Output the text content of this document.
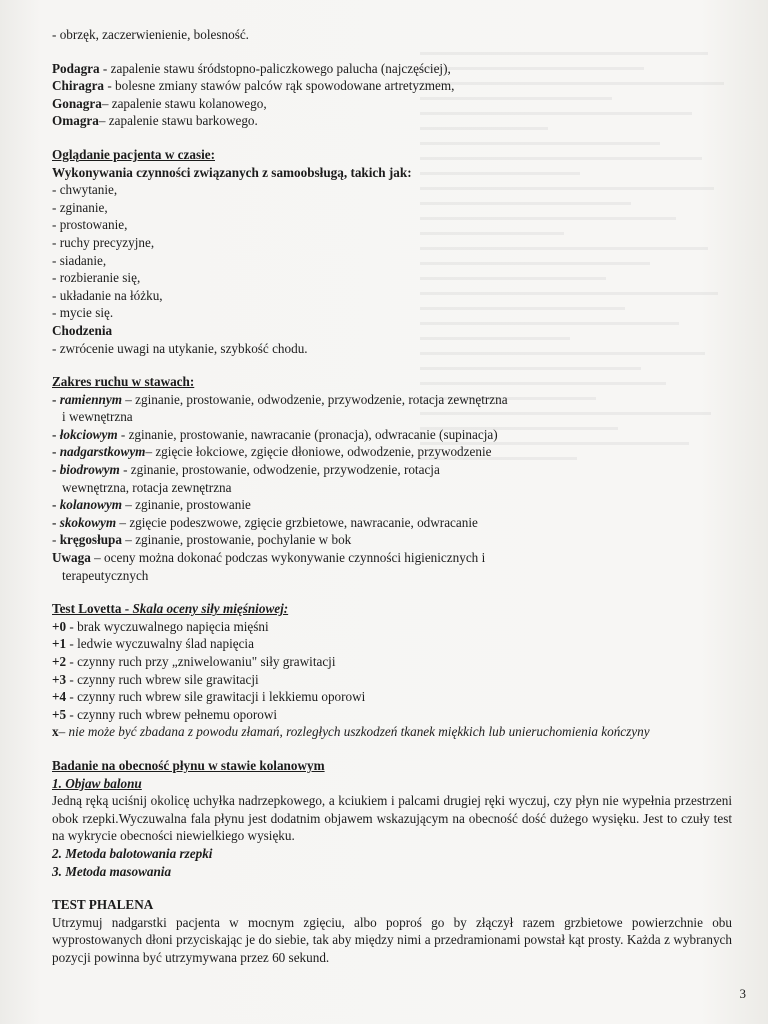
- obrzęk, zaczerwienienie, bolesność.

Podagra - zapalenie stawu śródstopno-paliczkowego palucha (najczęściej),

Chiragra - bolesne zmiany stawów palców rąk spowodowane artretyzmem,

Gonagra– zapalenie stawu kolanowego,

Omagra– zapalenie stawu barkowego.

Oglądanie pacjenta w czasie:

Wykonywania czynności związanych z samoobsługą, takich jak:

- chwytanie,

- zginanie,

- prostowanie,

- ruchy precyzyjne,

- siadanie,

- rozbieranie się,

- układanie na łóżku,

- mycie się.

Chodzenia

- zwrócenie uwagi na utykanie, szybkość chodu.

Zakres ruchu w stawach:

- ramiennym – zginanie, prostowanie, odwodzenie, przywodzenie, rotacja zewnętrzna

i wewnętrzna

- łokciowym - zginanie, prostowanie, nawracanie (pronacja), odwracanie (supinacja)

- nadgarstkowym– zgięcie łokciowe, zgięcie dłoniowe, odwodzenie, przywodzenie

- biodrowym - zginanie, prostowanie, odwodzenie, przywodzenie, rotacja

wewnętrzna, rotacja zewnętrzna

- kolanowym – zginanie, prostowanie

- skokowym – zgięcie podeszwowe, zgięcie grzbietowe, nawracanie, odwracanie

- kręgosłupa – zginanie, prostowanie, pochylanie w bok

Uwaga – oceny można dokonać podczas wykonywanie czynności higienicznych i

terapeutycznych

Test Lovetta - Skala oceny siły mięśniowej:

+0 - brak wyczuwalnego napięcia mięśni

+1 - ledwie wyczuwalny ślad napięcia

+2 - czynny ruch przy „zniwelowaniu" siły grawitacji

+3 - czynny ruch wbrew sile grawitacji

+4 - czynny ruch wbrew sile grawitacji i lekkiemu oporowi

+5 - czynny ruch wbrew pełnemu oporowi

x– nie może być zbadana z powodu złamań, rozległych uszkodzeń tkanek miękkich lub unieruchomienia kończyny

Badanie na obecność płynu w stawie kolanowym

1. Objaw balonu

Jedną ręką uciśnij okolicę uchyłka nadrzepkowego, a kciukiem i palcami drugiej ręki wyczuj, czy płyn nie wypełnia przestrzeni obok rzepki.Wyczuwalna fala płynu jest dodatnim objawem wskazującym na obecność dość dużego wysięku. Jest to czuły test na wykrycie obecności niewielkiego wysięku.

2. Metoda balotowania rzepki

3. Metoda masowania

TEST PHALENA

Utrzymuj nadgarstki pacjenta w mocnym zgięciu, albo poproś go by złączył razem grzbietowe powierzchnie obu wyprostowanych dłoni przyciskając je do siebie, tak aby między nimi a przedramionami powstał kąt prosty. Każda z wybranych pozycji powinna być utrzymywana przez 60 sekund.

3
